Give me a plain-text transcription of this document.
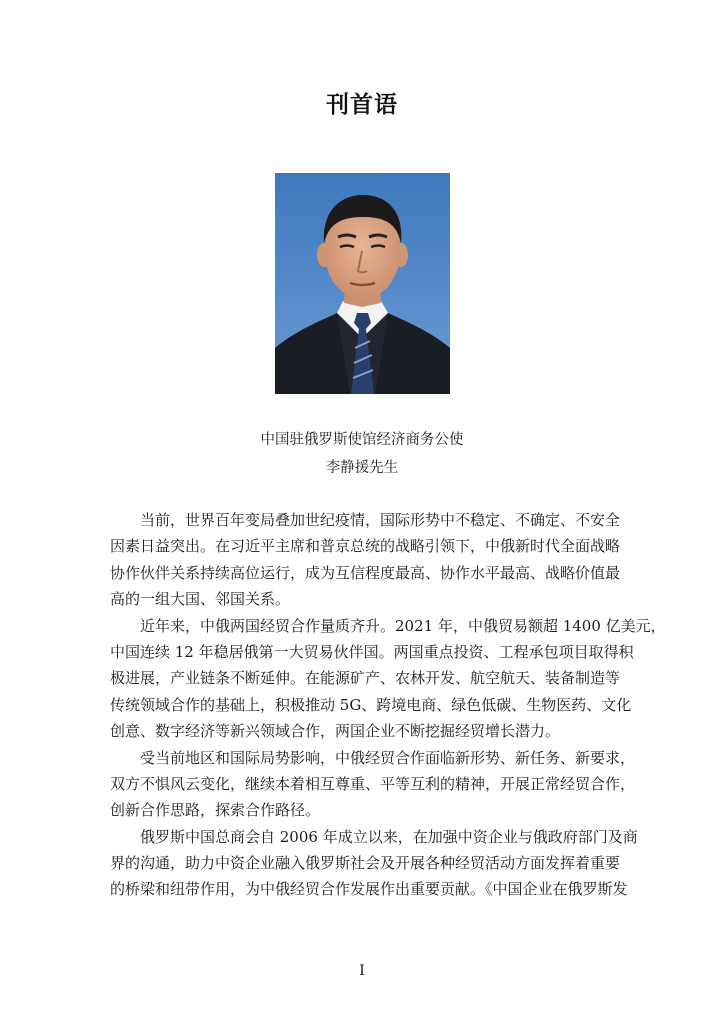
刊首语
中国驻俄罗斯使馆经济商务公使
李静援先生
当前，世界百年变局叠加世纪疫情，国际形势中不稳定、不确定、不安全
因素日益突出。在习近平主席和普京总统的战略引领下，中俄新时代全面战略
协作伙伴关系持续高位运行，成为互信程度最高、协作水平最高、战略价值最
高的一组大国、邻国关系。
近年来，中俄两国经贸合作量质齐升。2021 年，中俄贸易额超 1400 亿美元，
中国连续 12 年稳居俄第一大贸易伙伴国。两国重点投资、工程承包项目取得积
极进展，产业链条不断延伸。在能源矿产、农林开发、航空航天、装备制造等
传统领域合作的基础上，积极推动 5G、跨境电商、绿色低碳、生物医药、文化
创意、数字经济等新兴领域合作，两国企业不断挖掘经贸增长潜力。
受当前地区和国际局势影响，中俄经贸合作面临新形势、新任务、新要求，
双方不惧风云变化，继续本着相互尊重、平等互利的精神，开展正常经贸合作，
创新合作思路，探索合作路径。
俄罗斯中国总商会自 2006 年成立以来，在加强中资企业与俄政府部门及商
界的沟通，助力中资企业融入俄罗斯社会及开展各种经贸活动方面发挥着重要
的桥梁和纽带作用，为中俄经贸合作发展作出重要贡献。《中国企业在俄罗斯发
I
